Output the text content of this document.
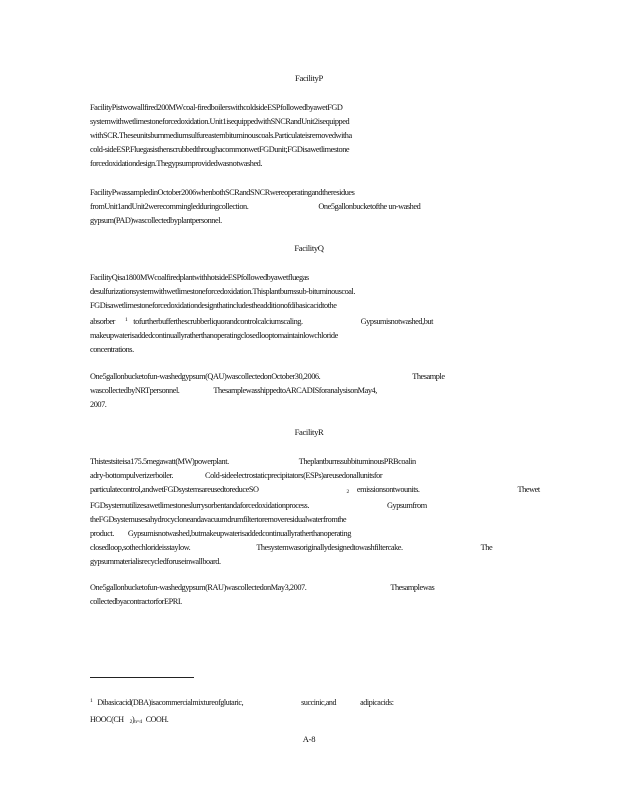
FacilityP
FacilityPistwowallfired200MWcoal-firedboilerswithcoldsideESPfollowedbyawetFGD
systemwithwetlimestoneforcedoxidation.Unit1isequippedwithSNCRandUnit2isequipped
withSCR.Theseunitsburnmediumsulfureasternbituminouscoals.Particulateisremovedwitha
cold-sideESP.FluegasisthenscrubbedthroughacommonwetFGDunit;FGDisawetlimestone
forcedoxidationdesign.Thegypsumprovidedwasnotwashed.
FacilityPwassampledinOctober2006whenbothSCRandSNCRwereoperatingandtheresidues
fromUnit1andUnit2werecommingledduringcollection.	One5gallonbucketofthe un-washed
gypsum(PAD)wascollectedbyplantpersonnel.
FacilityQ
FacilityQisa1800MWcoalfiredplantwithhotsideESPfollowedbyawetfluegas
desulfurizationsystemwithwetlimestoneforcedoxidation.Thisplantburnssub-bituminouscoal.
FGDisawetlimestoneforcedoxidationdesignthatincludestheadditionofdibasicacidtothe
absorber $^1$ tofurtherbufferthescrubberliquorandcontrolcalciumscaling.	Gypsumisnotwashed,but
makeupwaterisaddedcontinuallyratherthanoperatingclosedlooptomaintainlowchloride
concentrations.
One5gallonbucketofun-washedgypsum(QAU)wascollectedonOctober30,2006.	Thesample
wascollectedbyNRTpersonnel.	ThesamplewasshippedtoARCADISforanalysisonMay4,
2007.
FacilityR
Thistestsiteisa175.5megawatt(MW)powerplant.	TheplantburnssubbituminousPRBcoalin
adry-bottompulverizerboiler.	Cold-sideelectrostaticprecipitators(ESPs)areusedonallunitsfor
particulatecontrol,andwetFGDsystemsareusedtoreduceSO	2 emissionsontwounits.	Thewet
FGDsystemutilizesawetlimestoneslurrysorbentandaforcedoxidationprocess.	Gypsumfrom
theFGDsystemusesahydrocycloneandavacuumdrumfiltertoremoveresidualwaterfromthe
product. Gypsumisnotwashed,butmakeupwaterisaddedcontinuallyratherthanoperating
closedloop,sothechlorideisstaylow.	Thesystemwasoriginallydesignedtowashfiltercake.	The
gypsummaterialisrecycledforuseinwallboard.
One5gallonbucketofun-washedgypsum(RAU)wascollectedonMay3,2007.	Thesamplewas
collectedbyacontractorforEPRI.
$^1$ Dibasicacid(DBA)isacommercialmixtureofglutaric,	succinic,and	adipicacids:
HOOC(CH 2)n=4 COOH.
A-8
